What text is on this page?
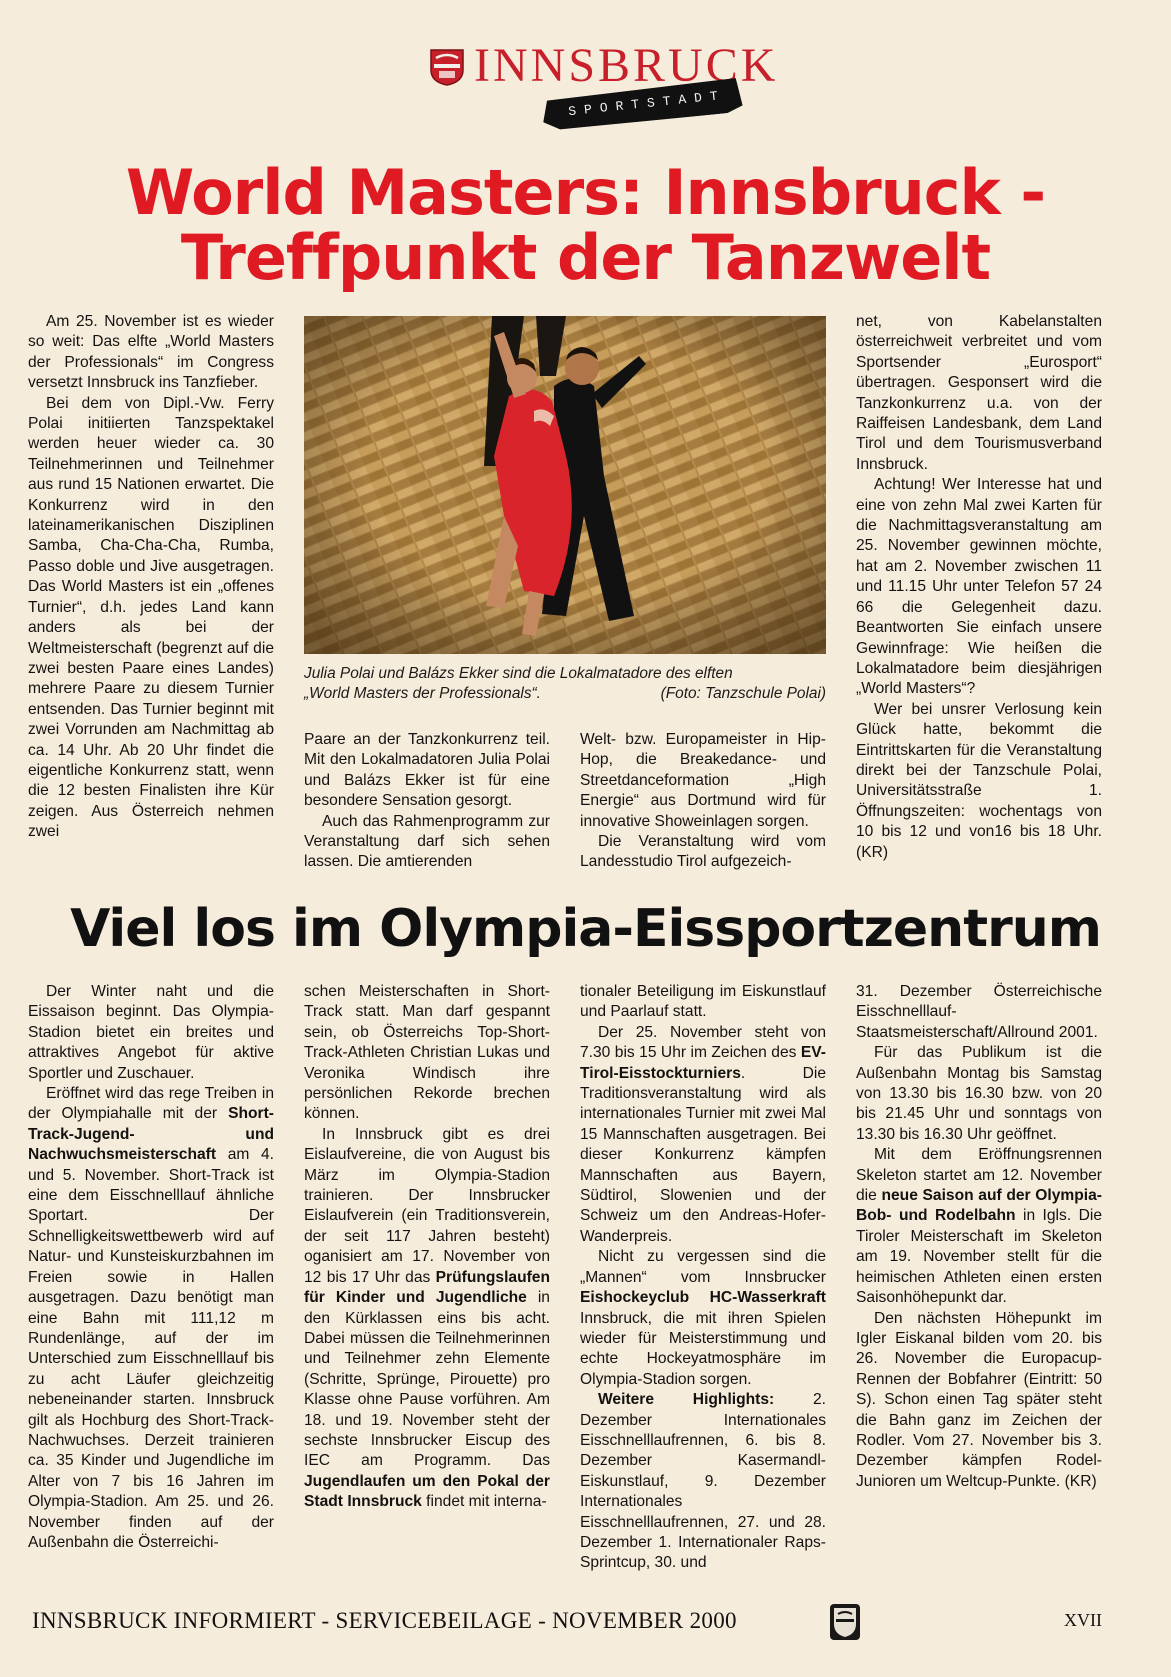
INNSBRUCK
SPORTSTADT
World Masters: Innsbruck -
Treffpunkt der Tanzwelt

Am 25. November ist es wieder so weit: Das elfte „World Masters der Professionals“ im Congress versetzt Innsbruck ins Tanzfieber.

Bei dem von Dipl.-Vw. Ferry Polai initiierten Tanzspektakel werden heuer wieder ca. 30 Teilnehmerinnen und Teilnehmer aus rund 15 Nationen erwartet. Die Konkurrenz wird in den lateinamerikanischen Disziplinen Samba, Cha-Cha-Cha, Rumba, Passo doble und Jive ausgetragen. Das World Masters ist ein „offenes Turnier“, d.h. jedes Land kann anders als bei der Weltmeisterschaft (begrenzt auf die zwei besten Paare eines Landes) mehrere Paare zu diesem Turnier entsenden. Das Turnier beginnt mit zwei Vorrunden am Nachmittag ab ca. 14 Uhr. Ab 20 Uhr findet die eigentliche Konkurrenz statt, wenn die 12 besten Finalisten ihre Kür zeigen. Aus Österreich nehmen zwei

Julia Polai und Balázs Ekker sind die Lokalmatadore des elften
„World Masters der Professionals“.	(Foto: Tanzschule Polai)

Paare an der Tanzkonkurrenz teil. Mit den Lokalmadatoren Julia Polai und Balázs Ekker ist für eine besondere Sensation gesorgt.

Auch das Rahmenprogramm zur Veranstaltung darf sich sehen lassen. Die amtierenden

Welt- bzw. Europameister in Hip-Hop, die Breakedance- und Streetdanceformation „High Energie“ aus Dortmund wird für innovative Showeinlagen sorgen.

Die Veranstaltung wird vom Landesstudio Tirol aufgezeich-

net, von Kabelanstalten österreichweit verbreitet und vom Sportsender „Eurosport“ übertragen. Gesponsert wird die Tanzkonkurrenz u.a. von der Raiffeisen Landesbank, dem Land Tirol und dem Tourismusverband Innsbruck.

Achtung! Wer Interesse hat und eine von zehn Mal zwei Karten für die Nachmittagsveranstaltung am 25. November gewinnen möchte, hat am 2. November zwischen 11 und 11.15 Uhr unter Telefon 57 24 66 die Gelegenheit dazu. Beantworten Sie einfach unsere Gewinnfrage: Wie heißen die Lokalmatadore beim diesjährigen „World Masters“?

Wer bei unsrer Verlosung kein Glück hatte, bekommt die Eintrittskarten für die Veranstaltung direkt bei der Tanzschule Polai, Universitätsstraße 1. Öffnungszeiten: wochentags von 10 bis 12 und von16 bis 18 Uhr. (KR)

Viel los im Olympia-Eissportzentrum

Der Winter naht und die Eissaison beginnt. Das Olympia-Stadion bietet ein breites und attraktives Angebot für aktive Sportler und Zuschauer.

Eröffnet wird das rege Treiben in der Olympiahalle mit der Short-Track-Jugend- und Nachwuchsmeisterschaft am 4. und 5. November. Short-Track ist eine dem Eisschnelllauf ähnliche Sportart. Der Schnelligkeitswettbewerb wird auf Natur- und Kunsteiskurzbahnen im Freien sowie in Hallen ausgetragen. Dazu benötigt man eine Bahn mit 111,12 m Rundenlänge, auf der im Unterschied zum Eisschnelllauf bis zu acht Läufer gleichzeitig nebeneinander starten. Innsbruck gilt als Hochburg des Short-Track-Nachwuchses. Derzeit trainieren ca. 35 Kinder und Jugendliche im Alter von 7 bis 16 Jahren im Olympia-Stadion. Am 25. und 26. November finden auf der Außenbahn die Österreichi-

schen Meisterschaften in Short-Track statt. Man darf gespannt sein, ob Österreichs Top-Short-Track-Athleten Christian Lukas und Veronika Windisch ihre persönlichen Rekorde brechen können.

In Innsbruck gibt es drei Eislaufvereine, die von August bis März im Olympia-Stadion trainieren. Der Innsbrucker Eislaufverein (ein Traditionsverein, der seit 117 Jahren besteht) oganisiert am 17. November von 12 bis 17 Uhr das Prüfungslaufen für Kinder und Jugendliche in den Kürklassen eins bis acht. Dabei müssen die Teilnehmerinnen und Teilnehmer zehn Elemente (Schritte, Sprünge, Pirouette) pro Klasse ohne Pause vorführen. Am 18. und 19. November steht der sechste Innsbrucker Eiscup des IEC am Programm. Das Jugendlaufen um den Pokal der Stadt Innsbruck findet mit interna-

tionaler Beteiligung im Eiskunstlauf und Paarlauf statt.

Der 25. November steht von 7.30 bis 15 Uhr im Zeichen des EV-Tirol-Eisstockturniers. Die Traditionsveranstaltung wird als internationales Turnier mit zwei Mal 15 Mannschaften ausgetragen. Bei dieser Konkurrenz kämpfen Mannschaften aus Bayern, Südtirol, Slowenien und der Schweiz um den Andreas-Hofer-Wanderpreis.

Nicht zu vergessen sind die „Mannen“ vom Innsbrucker Eishockeyclub HC-Wasserkraft Innsbruck, die mit ihren Spielen wieder für Meisterstimmung und echte Hockeyatmosphäre im Olympia-Stadion sorgen.

Weitere Highlights: 2. Dezember Internationales Eisschnelllaufrennen, 6. bis 8. Dezember Kasermandl-Eiskunstlauf, 9. Dezember Internationales Eisschnelllaufrennen, 27. und 28. Dezember 1. Internationaler Raps-Sprintcup, 30. und

31. Dezember Österreichische Eisschnelllauf-Staatsmeisterschaft/Allround 2001.

Für das Publikum ist die Außenbahn Montag bis Samstag von 13.30 bis 16.30 bzw. von 20 bis 21.45 Uhr und sonntags von 13.30 bis 16.30 Uhr geöffnet.

Mit dem Eröffnungsrennen Skeleton startet am 12. November die neue Saison auf der Olympia-Bob- und Rodelbahn in Igls. Die Tiroler Meisterschaft im Skeleton am 19. November stellt für die heimischen Athleten einen ersten Saisonhöhepunkt dar.

Den nächsten Höhepunkt im Igler Eiskanal bilden vom 20. bis 26. November die Europacup-Rennen der Bobfahrer (Eintritt: 50 S). Schon einen Tag später steht die Bahn ganz im Zeichen der Rodler. Vom 27. November bis 3. Dezember kämpfen Rodel-Junioren um Weltcup-Punkte. (KR)

INNSBRUCK INFORMIERT - SERVICEBEILAGE - NOVEMBER 2000	XVII
